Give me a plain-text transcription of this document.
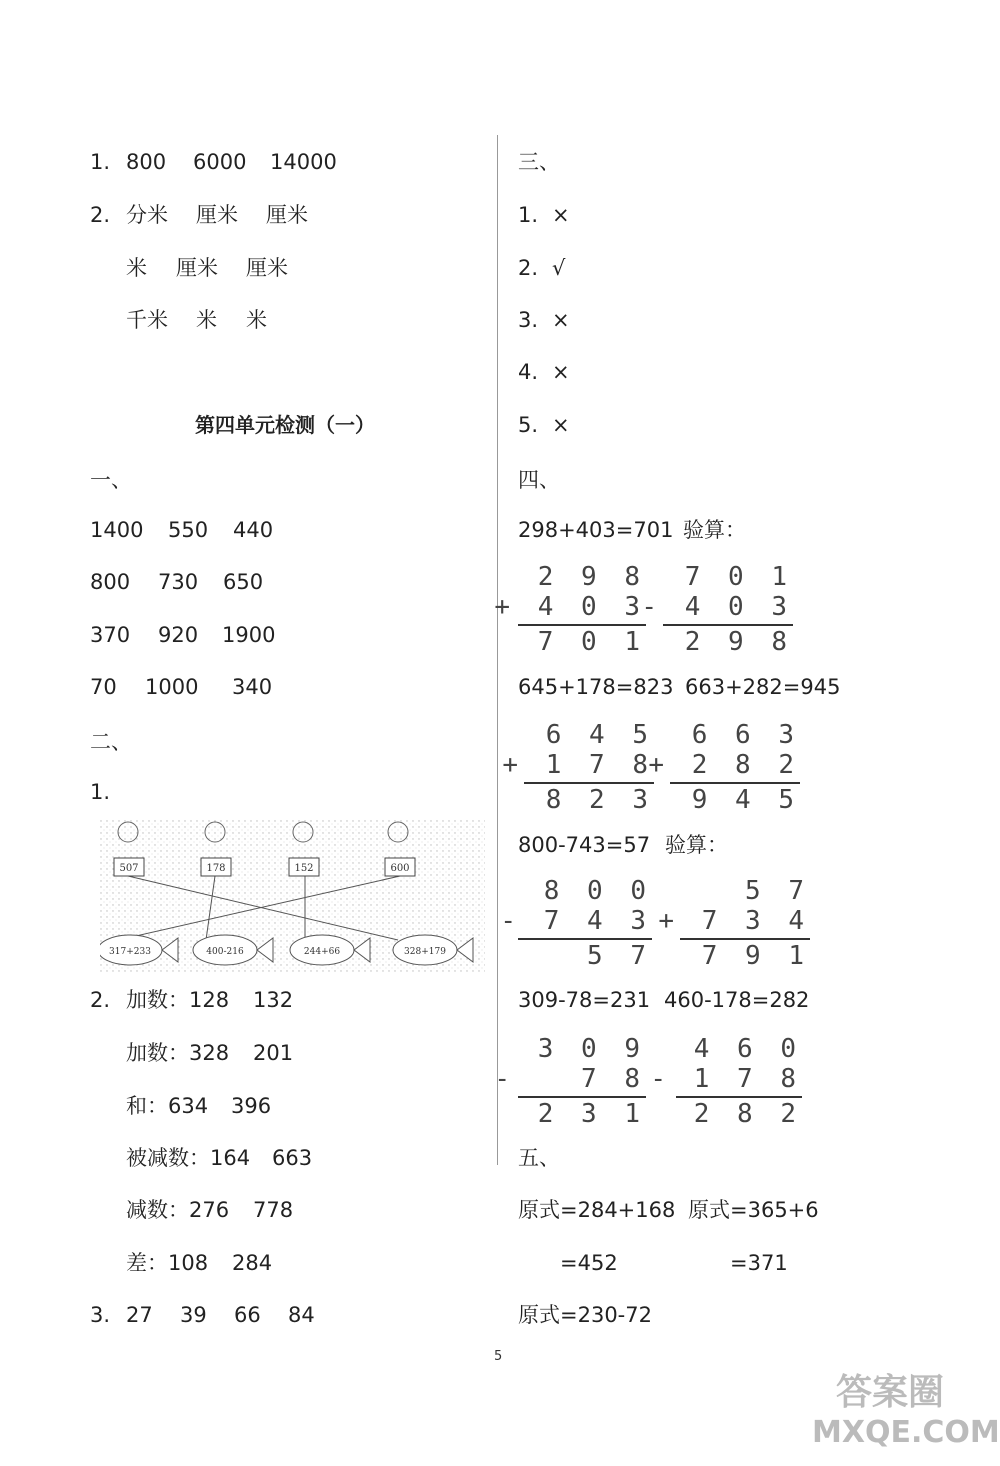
1. 800 6000 14000
2. 分米 厘米 厘米
米 厘米 厘米
千米 米 米
第四单元检测（一）
一、
1400 550 440
800 730 650
370 920 1900
70 1000 340
二、
1.
507	178	152	600
317+233	400-216	244+66	328+179
2. 加数：128 132
加数：328 201
和：634 396
被减数：164 663
减数：276 778
差：108 284
3. 27 39 66 84
三、
1. ×
2. √
3. ×
4. ×
5. ×
四、
298+403=701 验算：
2 9 8
+ 4 0 3
7 0 1
7 0 1
- 4 0 3
2 9 8
645+178=823 663+282=945
6 4 5
+ 1 7 8
8 2 3
6 6 3
+ 2 8 2
9 4 5
800-743=57 验算：
8 0 0
- 7 4 3
5 7
5 7
+ 7 3 4
7 9 1
309-78=231 460-178=282
3 0 9
- 7 8
2 3 1
4 6 0
- 1 7 8
2 8 2
五、
原式=284+168 原式=365+6
=452	=371
原式=230-72
5
答案圈
MXQE.COM
